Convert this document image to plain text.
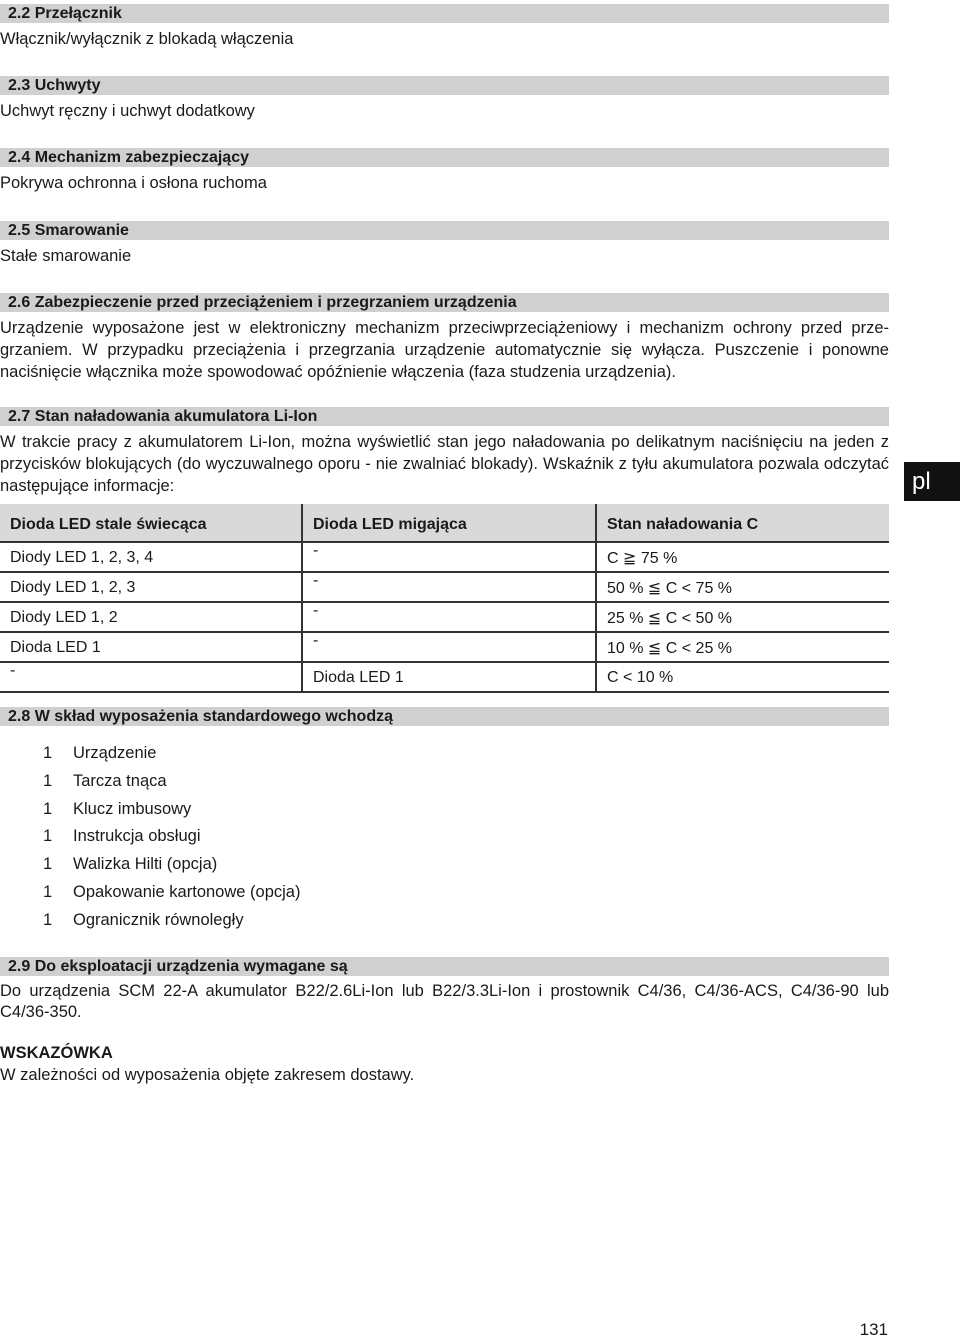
2.2 Przełącznik
Włącznik/wyłącznik z blokadą włączenia
2.3 Uchwyty
Uchwyt ręczny i uchwyt dodatkowy
2.4 Mechanizm zabezpieczający
Pokrywa ochronna i osłona ruchoma
2.5 Smarowanie
Stałe smarowanie
2.6 Zabezpieczenie przed przeciążeniem i przegrzaniem urządzenia
Urządzenie wyposażone jest w elektroniczny mechanizm przeciwprzeciążeniowy i mechanizm ochrony przed prze- grzaniem. W przypadku przeciążenia i przegrzania urządzenie automatycznie się wyłącza. Puszczenie i ponowne naciśnięcie włącznika może spowodować opóźnienie włączenia (faza studzenia urządzenia).
2.7 Stan naładowania akumulatora Li-Ion
W trakcie pracy z akumulatorem Li-Ion, można wyświetlić stan jego naładowania po delikatnym naciśnięciu na jeden z przycisków blokujących (do wyczuwalnego oporu - nie zwalniać blokady). Wskaźnik z tyłu akumulatora pozwala odczytać następujące informacje:
Dioda LED stale świecąca	Dioda LED migająca	Stan naładowania C
Diody LED 1, 2, 3, 4	-	C ≧ 75 %
Diody LED 1, 2, 3	-	50 % ≦ C < 75 %
Diody LED 1, 2	-	25 % ≦ C < 50 %
Dioda LED 1	-	10 % ≦ C < 25 %
-	Dioda LED 1	C < 10 %
2.8 W skład wyposażenia standardowego wchodzą
1 Urządzenie
1 Tarcza tnąca
1 Klucz imbusowy
1 Instrukcja obsługi
1 Walizka Hilti (opcja)
1 Opakowanie kartonowe (opcja)
1 Ogranicznik równoległy
2.9 Do eksploatacji urządzenia wymagane są
Do urządzenia SCM 22-A akumulator B22/2.6Li-Ion lub B22/3.3Li-Ion i prostownik C4/36, C4/36-ACS, C4/36-90 lub C4/36-350.
WSKAZÓWKA
W zależności od wyposażenia objęte zakresem dostawy.
pl
131
